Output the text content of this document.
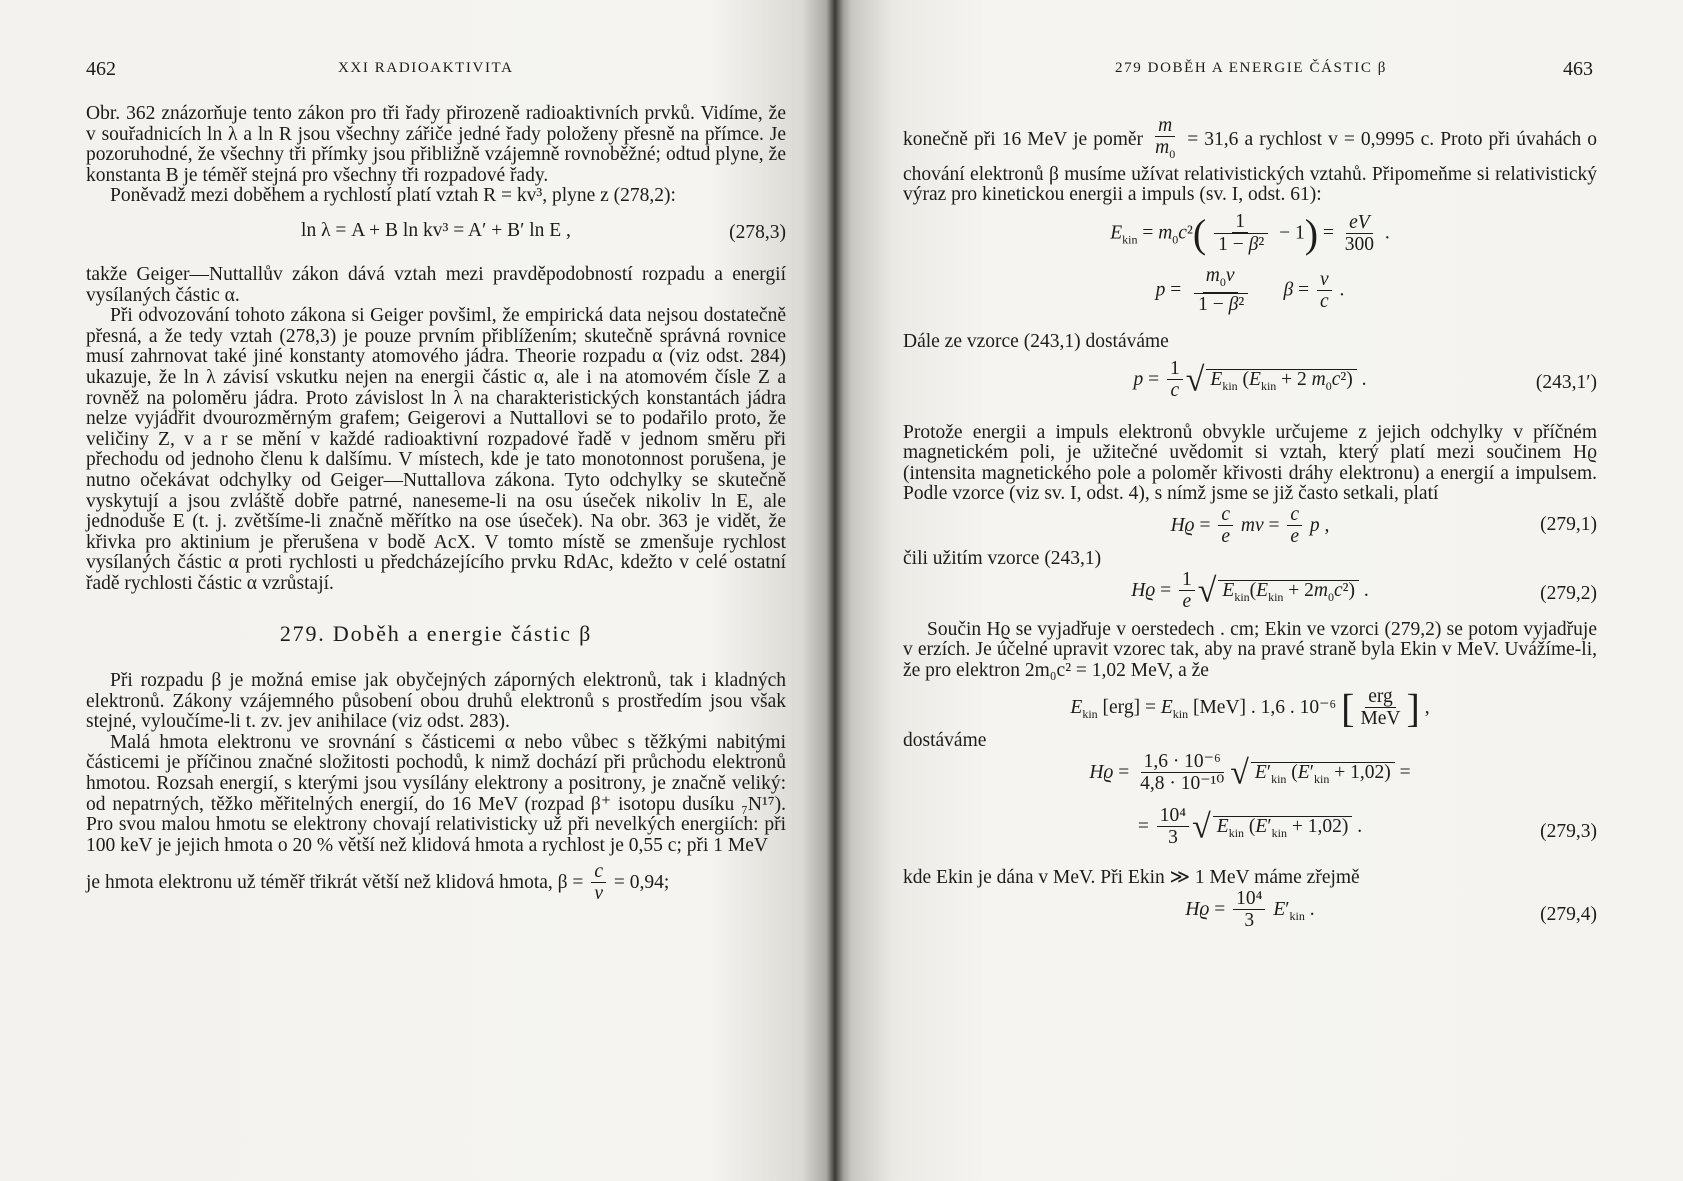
462	XXI RADIOAKTIVITA

Obr. 362 znázorňuje tento zákon pro tři řady přirozeně radioaktivních prvků. Vidíme, že v souřadnicích ln λ a ln R jsou všechny zářiče jedné řady položeny přesně na přímce. Je pozoruhodné, že všechny tři přímky jsou přibližně vzájemně rovnoběžné; odtud plyne, že konstanta B je téměř stejná pro všechny tři rozpadové řady.

Poněvadž mezi doběhem a rychlostí platí vztah R = kv³, plyne z (278,2):

ln λ = A + B ln kv³ = A′ + B′ ln E ,	(278,3)

takže Geiger—Nuttallův zákon dává vztah mezi pravděpodobností rozpadu a energií vysílaných částic α.

Při odvozování tohoto zákona si Geiger povšiml, že empirická data nejsou dostatečně přesná, a že tedy vztah (278,3) je pouze prvním přiblížením; skutečně správná rovnice musí zahrnovat také jiné konstanty atomového jádra. Theorie rozpadu α (viz odst. 284) ukazuje, že ln λ závisí vskutku nejen na energii částic α, ale i na atomovém čísle Z a rovněž na poloměru jádra. Proto závislost ln λ na charakteristických konstantách jádra nelze vyjádřit dvourozměrným grafem; Geigerovi a Nuttallovi se to podařilo proto, že veličiny Z, v a r se mění v každé radioaktivní rozpadové řadě v jednom směru při přechodu od jednoho členu k dalšímu. V místech, kde je tato monotonnost porušena, je nutno očekávat odchylky od Geiger—Nuttallova zákona. Tyto odchylky se skutečně vyskytují a jsou zvláště dobře patrné, naneseme-li na osu úseček nikoliv ln E, ale jednoduše E (t. j. zvětšíme-li značně měřítko na ose úseček). Na obr. 363 je vidět, že křivka pro aktinium je přerušena v bodě AcX. V tomto místě se zmenšuje rychlost vysílaných částic α proti rychlosti u předcházejícího prvku RdAc, kdežto v celé ostatní řadě rychlosti částic α vzrůstají.

279. Doběh a energie částic β

Při rozpadu β je možná emise jak obyčejných záporných elektronů, tak i kladných elektronů. Zákony vzájemného působení obou druhů elektronů s prostředím jsou však stejné, vyloučíme-li t. zv. jev anihilace (viz odst. 283).

Malá hmota elektronu ve srovnání s částicemi α nebo vůbec s těžkými nabitými částicemi je příčinou značné složitosti pochodů, k nimž dochází při průchodu elektronů hmotou. Rozsah energií, s kterými jsou vysílány elektrony a positrony, je značně veliký: od nepatrných, těžko měřitelných energií, do 16 MeV (rozpad β⁺ isotopu dusíku ₇N¹⁷). Pro svou malou hmotu se elektrony chovají relativisticky už při nevelkých energiích: při 100 keV je jejich hmota o 20 % větší než klidová hmota a rychlost je 0,55 c; při 1 MeV

je hmota elektronu už téměř třikrát větší než klidová hmota, $\beta = \frac{c}{v} = 0,94$;

279 DOBĚH A ENERGIE ČÁSTIC β	463

konečně při 16 MeV je poměr $\frac{m}{m_0} = 31,6$ a rychlost v = 0,9995 c. Proto při úvahách o chování elektronů β musíme užívat relativistických vztahů. Připomeňme si relativistický výraz pro kinetickou energii a impuls (sv. I, odst. 61):

$E_{kin} = m_0c^2( \frac{1}{\text{1 − β²}} - 1) = \frac{eV}{300}$ .
$p = \frac{m_0v}{\text{1 − β²}}$ $\beta = \frac{v}{c}$ .

Dále ze vzorce (243,1) dostáváme

$p = \frac{1}{c}$ √ $E_{kin}$ ($E_{kin} + 2$ $m_0c^2$) .	(243,1′)

Protože energii a impuls elektronů obvykle určujeme z jejich odchylky v příčném magnetickém poli, je užitečné uvědomit si vztah, který platí mezi součinem Hϱ (intensita magnetického pole a poloměr křivosti dráhy elektronu) a energií a impulsem. Podle vzorce (viz sv. I, odst. 4), s nímž jsme se již často setkali, platí

$Hϱ = \frac{c}{e}$ mv = $\frac{c}{e}$ p ,	(279,1)

čili užitím vzorce (243,1)

$Hϱ = \frac{1}{e}$ √ $E_{kin}(E_{kin} + 2m_0c^2)$ .	(279,2)

Součin Hϱ se vyjadřuje v oerstedech . cm; Ekin ve vzorci (279,2) se potom vyjadřuje v erzích. Je účelné upravit vzorec tak, aby na pravé straně byla Ekin v MeV. Uvážíme-li, že pro elektron 2m₀c² = 1,02 MeV, a že

$E_{kin}$ $[erg] = E_{kin}$ [MeV] . 1,6 . 10⁻⁶ [ $\frac{\text{erg}}{\text{MeV}}$ ] ,

dostáváme

$Hϱ = \frac{\text{1,6 · 10⁻⁶}}{\text{4,8 · 10⁻¹⁰}}$ √ $E'_{kin}$ $(E'_{kin} + 1,02)$ =
= $\frac{\text{10⁴}}{3}$ √ $E_{kin}$ $(E'_{kin} + 1,02)$ .	(279,3)

kde Ekin je dána v MeV. Při Ekin ≫ 1 MeV máme zřejmě

$Hϱ = \frac{\text{10⁴}}{3} E'_{kin}$ .	(279,4)
